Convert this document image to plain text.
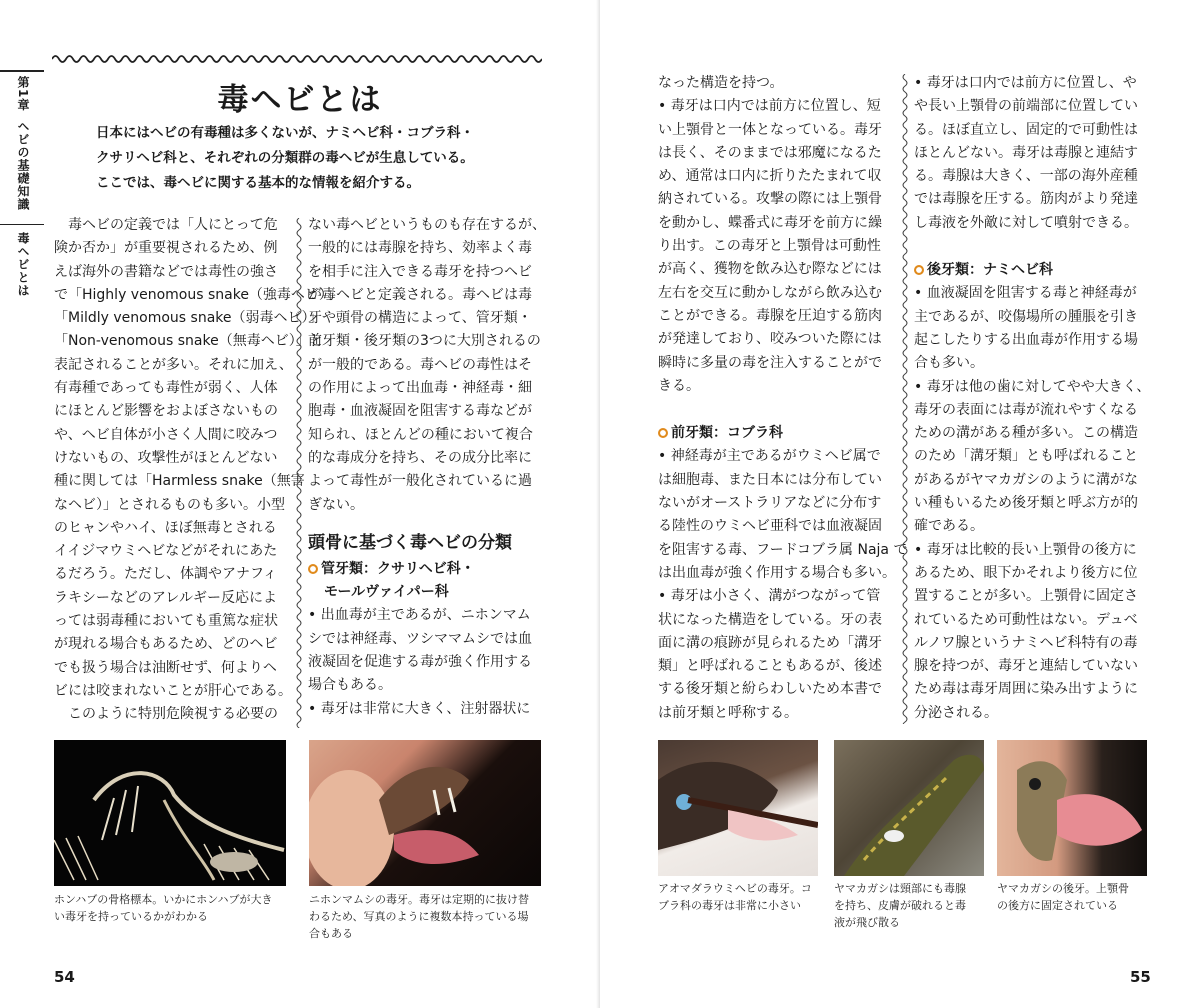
第1章
ヘビの基礎知識
毒ヘビとは
毒ヘビとは
日本にはヘビの有毒種は多くないが、ナミヘビ科・コブラ科・
クサリヘビ科と、それぞれの分類群の毒ヘビが生息している。
ここでは、毒ヘビに関する基本的な情報を紹介する。
　毒ヘビの定義では「人にとって危
険か否か」が重要視されるため、例
えば海外の書籍などでは毒性の強さ
で「Highly venomous snake（強毒ヘビ）」
「Mildly venomous snake（弱毒ヘビ）」
「Non-venomous snake（無毒ヘビ）」と
表記されることが多い。それに加え、
有毒種であっても毒性が弱く、人体
にほとんど影響をおよぼさないもの
や、ヘビ自体が小さく人間に咬みつ
けないもの、攻撃性がほとんどない
種に関しては「Harmless snake（無害
なヘビ）」とされるものも多い。小型
のヒャンやハイ、ほぼ無毒とされる
イイジマウミヘビなどがそれにあた
るだろう。ただし、体調やアナフィ
ラキシーなどのアレルギー反応によ
っては弱毒種においても重篤な症状
が現れる場合もあるため、どのヘビ
でも扱う場合は油断せず、何よりヘ
ビには咬まれないことが肝心である。
　このように特別危険視する必要の
ない毒ヘビというものも存在するが、
一般的には毒腺を持ち、効率よく毒
を相手に注入できる毒牙を持つヘビ
が毒ヘビと定義される。毒ヘビは毒
牙や頭骨の構造によって、管牙類・
前牙類・後牙類の3つに大別されるの
が一般的である。毒ヘビの毒性はそ
の作用によって出血毒・神経毒・細
胞毒・血液凝固を阻害する毒などが
知られ、ほとんどの種において複合
的な毒成分を持ち、その成分比率に
よって毒性が一般化されているに過
ぎない。
頭骨に基づく毒ヘビの分類
管牙類：クサリヘビ科・
モールヴァイパー科
• 出血毒が主であるが、ニホンマム
シでは神経毒、ツシママムシでは血
液凝固を促進する毒が強く作用する
場合もある。
• 毒牙は非常に大きく、注射器状に
ホンハブの骨格標本。いかにホンハブが大き
い毒牙を持っているかがわかる
ニホンマムシの毒牙。毒牙は定期的に抜け替
わるため、写真のように複数本持っている場
合もある
54
なった構造を持つ。
• 毒牙は口内では前方に位置し、短
い上顎骨と一体となっている。毒牙
は長く、そのままでは邪魔になるた
め、通常は口内に折りたたまれて収
納されている。攻撃の際には上顎骨
を動かし、蝶番式に毒牙を前方に繰
り出す。この毒牙と上顎骨は可動性
が高く、獲物を飲み込む際などには
左右を交互に動かしながら飲み込む
ことができる。毒腺を圧迫する筋肉
が発達しており、咬みついた際には
瞬時に多量の毒を注入することがで
きる。
前牙類：コブラ科
• 神経毒が主であるがウミヘビ属で
は細胞毒、また日本には分布してい
ないがオーストラリアなどに分布す
る陸性のウミヘビ亜科では血液凝固
を阻害する毒、フードコブラ属 Naja で
は出血毒が強く作用する場合も多い。
• 毒牙は小さく、溝がつながって管
状になった構造をしている。牙の表
面に溝の痕跡が見られるため「溝牙
類」と呼ばれることもあるが、後述
する後牙類と紛らわしいため本書で
は前牙類と呼称する。
• 毒牙は口内では前方に位置し、や
や長い上顎骨の前端部に位置してい
る。ほぼ直立し、固定的で可動性は
ほとんどない。毒牙は毒腺と連結す
る。毒腺は大きく、一部の海外産種
では毒腺を圧する。筋肉がより発達
し毒液を外敵に対して噴射できる。
後牙類：ナミヘビ科
• 血液凝固を阻害する毒と神経毒が
主であるが、咬傷場所の腫脹を引き
起こしたりする出血毒が作用する場
合も多い。
• 毒牙は他の歯に対してやや大きく、
毒牙の表面には毒が流れやすくなる
ための溝がある種が多い。この構造
のため「溝牙類」とも呼ばれること
があるがヤマカガシのように溝がな
い種もいるため後牙類と呼ぶ方が的
確である。
• 毒牙は比較的長い上顎骨の後方に
あるため、眼下かそれより後方に位
置することが多い。上顎骨に固定さ
れているため可動性はない。デュベ
ルノワ腺というナミヘビ科特有の毒
腺を持つが、毒牙と連結していない
ため毒は毒牙周囲に染み出すように
分泌される。
アオマダラウミヘビの毒牙。コ
ブラ科の毒牙は非常に小さい
ヤマカガシは頸部にも毒腺
を持ち、皮膚が破れると毒
液が飛び散る
ヤマカガシの後牙。上顎骨
の後方に固定されている
55
